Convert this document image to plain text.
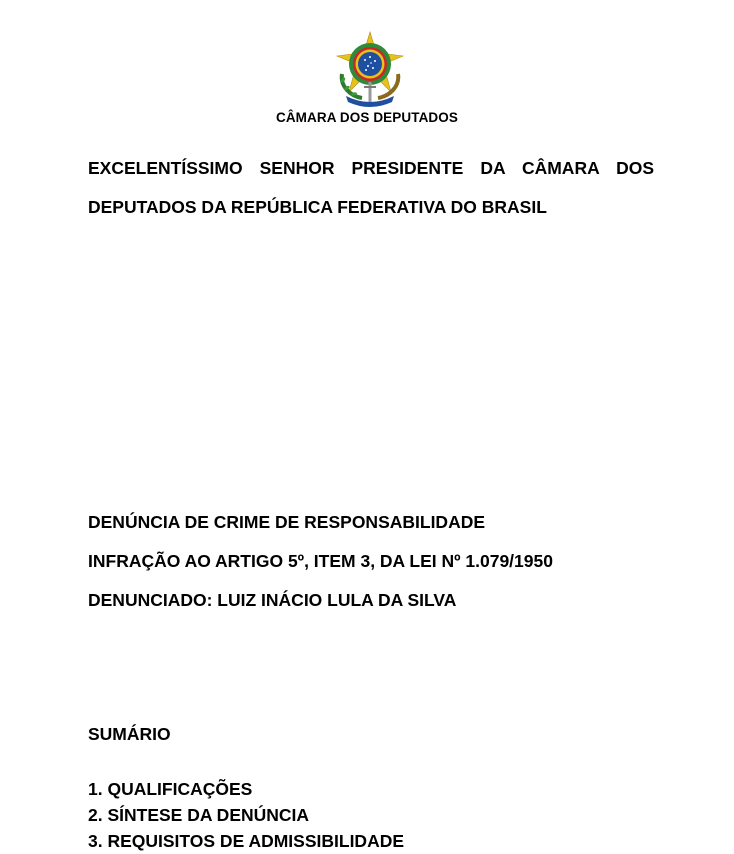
CÂMARA DOS DEPUTADOS
EXCELENTÍSSIMO SENHOR PRESIDENTE DA CÂMARA DOS
DEPUTADOS DA REPÚBLICA FEDERATIVA DO BRASIL
DENÚNCIA DE CRIME DE RESPONSABILIDADE
INFRAÇÃO AO ARTIGO 5º, ITEM 3, DA LEI Nº 1.079/1950
DENUNCIADO: LUIZ INÁCIO LULA DA SILVA
SUMÁRIO
1. QUALIFICAÇÕES
2. SÍNTESE DA DENÚNCIA
3. REQUISITOS DE ADMISSIBILIDADE
